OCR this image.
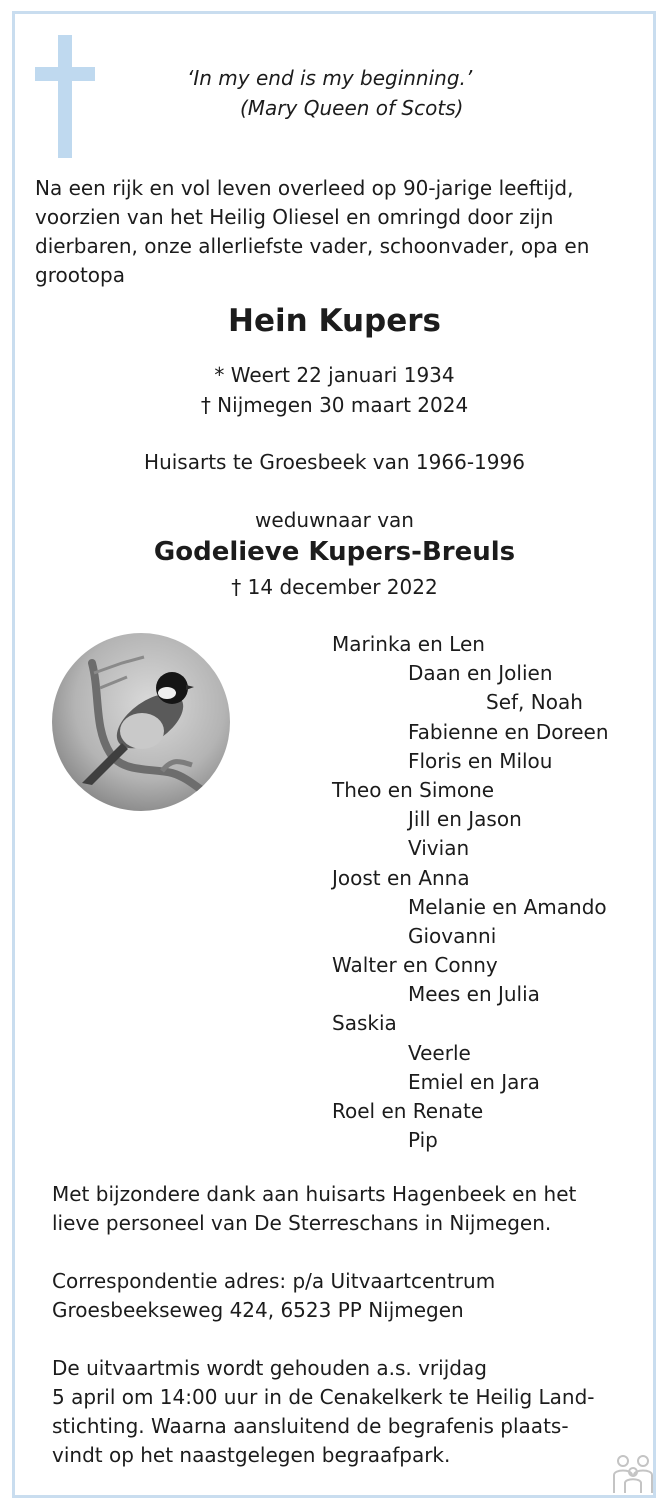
‘In my end is my beginning.’
(Mary Queen of Scots)
Na een rijk en vol leven overleed op 90-jarige leeftijd, voorzien van het Heilig Oliesel en omringd door zijn dierbaren, onze allerliefste vader, schoonvader, opa en grootopa
Hein Kupers
* Weert 22 januari 1934
† Nijmegen 30 maart 2024
Huisarts te Groesbeek van 1966-1996
weduwnaar van
Godelieve Kupers-Breuls
† 14 december 2022
Marinka en Len
Daan en Jolien
Sef, Noah
Fabienne en Doreen
Floris en Milou
Theo en Simone
Jill en Jason
Vivian
Joost en Anna
Melanie en Amando
Giovanni
Walter en Conny
Mees en Julia
Saskia
Veerle
Emiel en Jara
Roel en Renate
Pip
Met bijzondere dank aan huisarts Hagenbeek en het
lieve personeel van De Sterreschans in Nijmegen.
Correspondentie adres: p/a Uitvaartcentrum
Groesbeekseweg 424, 6523 PP Nijmegen
De uitvaartmis wordt gehouden a.s. vrijdag
5 april om 14:00 uur in de Cenakelkerk te Heilig Land-
stichting. Waarna aansluitend de begrafenis plaats-
vindt op het naastgelegen begraafpark.
